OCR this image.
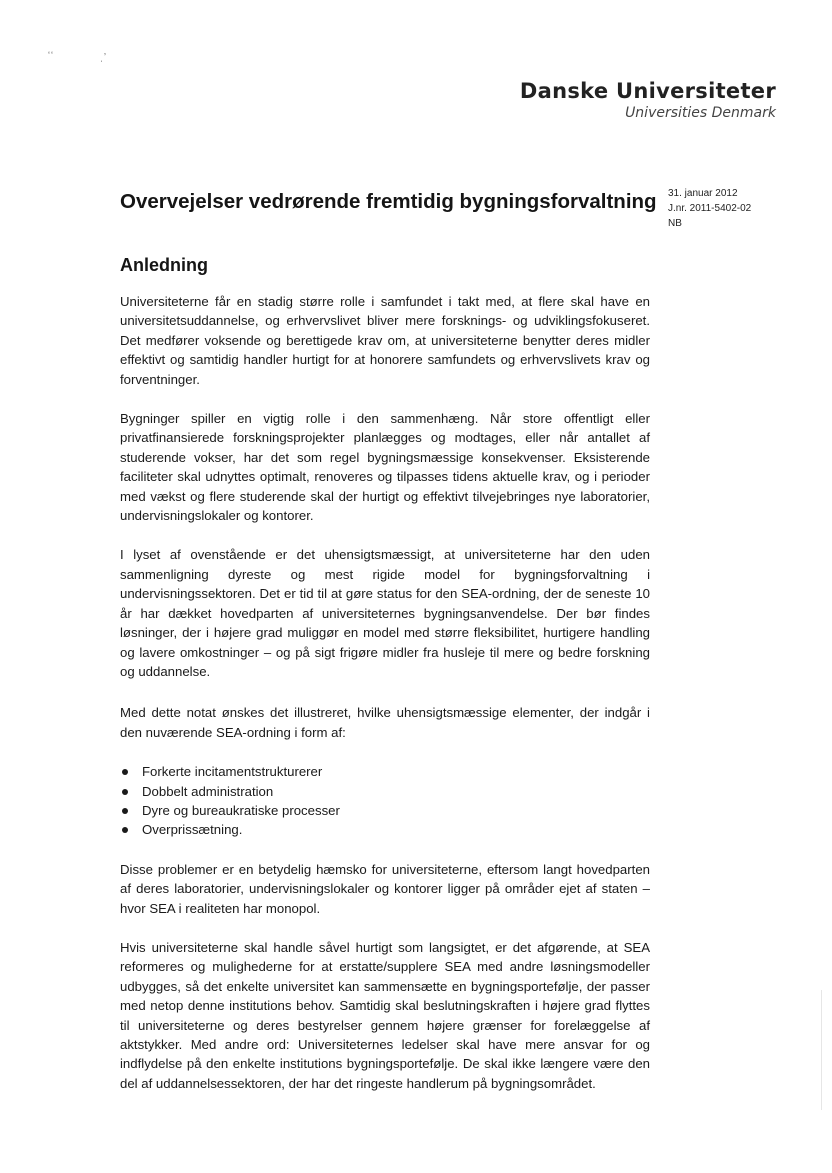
ʻʻ	ˌʼ
Danske Universiteter
Universities Denmark
31. januar 2012
J.nr. 2011-5402-02
NB
Overvejelser vedrørende fremtidig bygningsforvaltning
Anledning

Universiteterne får en stadig større rolle i samfundet i takt med, at flere skal have en universitetsuddannelse, og erhvervslivet bliver mere forsknings- og udviklingsfokuseret. Det medfører voksende og berettigede krav om, at universiteterne benytter deres midler effektivt og samtidig handler hurtigt for at honorere samfundets og erhvervslivets krav og forventninger.

Bygninger spiller en vigtig rolle i den sammenhæng. Når store offentligt eller privatfinansierede forskningsprojekter planlægges og modtages, eller når antallet af studerende vokser, har det som regel bygningsmæssige konsekvenser. Eksisterende faciliteter skal udnyttes optimalt, renoveres og tilpasses tidens aktuelle krav, og i perioder med vækst og flere studerende skal der hurtigt og effektivt tilvejebringes nye laboratorier, undervisningslokaler og kontorer.

I lyset af ovenstående er det uhensigtsmæssigt, at universiteterne har den uden sammenligning dyreste og mest rigide model for bygningsforvaltning i undervisningssektoren. Det er tid til at gøre status for den SEA-ordning, der de seneste 10 år har dækket hovedparten af universiteternes bygningsanvendelse. Der bør findes løsninger, der i højere grad muliggør en model med større fleksibilitet, hurtigere handling og lavere omkostninger – og på sigt frigøre midler fra husleje til mere og bedre forskning og uddannelse.

Med dette notat ønskes det illustreret, hvilke uhensigtsmæssige elementer, der indgår i den nuværende SEA-ordning i form af:

Forkerte incitamentstrukturerer
Dobbelt administration
Dyre og bureaukratiske processer
Overprissætning.

Disse problemer er en betydelig hæmsko for universiteterne, eftersom langt hovedparten af deres laboratorier, undervisningslokaler og kontorer ligger på områder ejet af staten – hvor SEA i realiteten har monopol.

Hvis universiteterne skal handle såvel hurtigt som langsigtet, er det afgørende, at SEA reformeres og mulighederne for at erstatte/supplere SEA med andre løsningsmodeller udbygges, så det enkelte universitet kan sammensætte en bygningsportefølje, der passer med netop denne institutions behov. Samtidig skal beslutningskraften i højere grad flyttes til universiteterne og deres bestyrelser gennem højere grænser for forelæggelse af aktstykker. Med andre ord: Universiteternes ledelser skal have mere ansvar for og indflydelse på den enkelte institutions bygningsportefølje. De skal ikke længere være den del af uddannelsessektoren, der har det ringeste handlerum på bygningsområdet.
